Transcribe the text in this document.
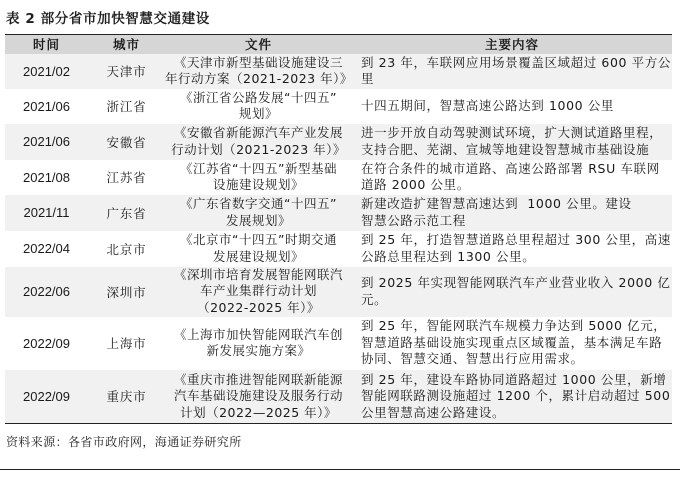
表 2 部分省市加快智慧交通建设
时间	城市	文件	主要内容
2021/02	天津市	《天津市新型基础设施建设三
年行动方案（2021-2023 年）》	到 23 年，车联网应用场景覆盖区域超过 600 平方公
里

2021/06	浙江省	《浙江省公路发展“十四五”
规划》	十四五期间，智慧高速公路达到 1000 公里

2021/06	安徽省	《安徽省新能源汽车产业发展
行动计划（2021-2023 年）》	进一步开放自动驾驶测试环境，扩大测试道路里程，
支持合肥、芜湖、宣城等地建设智慧城市基础设施

2021/08	江苏省	《江苏省“十四五”新型基础
设施建设规划》	在符合条件的城市道路、高速公路部署 RSU 车联网
道路 2000 公里。

2021/11	广东省	《广东省数字交通“十四五”
发展规划》	新建改造扩建智慧高速达到  1000 公里。建设
智慧公路示范工程

2022/04	北京市	《北京市“十四五”时期交通
发展建设规划》	到 25 年，打造智慧道路总里程超过 300 公里，高速
公路总里程达到 1300 公里。

2022/06	深圳市	《深圳市培育发展智能网联汽
车产业集群行动计划
（2022-2025 年）》	到 2025 年实现智能网联汽车产业营业收入 2000 亿
元。

2022/09	上海市	《上海市加快智能网联汽车创
新发展实施方案》	到 25 年，智能网联汽车规模力争达到 5000 亿元，
智慧道路基础设施实现重点区域覆盖，基本满足车路
协同、智慧交通、智慧出行应用需求。

2022/09	重庆市	《重庆市推进智能网联新能源
汽车基础设施建设及服务行动
计划（2022—2025 年）》	到 25 年，建设车路协同道路超过 1000 公里，新增
智能网联路测设施超过 1200 个，累计启动超过 500
公里智慧高速公路建设。
资料来源：各省市政府网，海通证券研究所
